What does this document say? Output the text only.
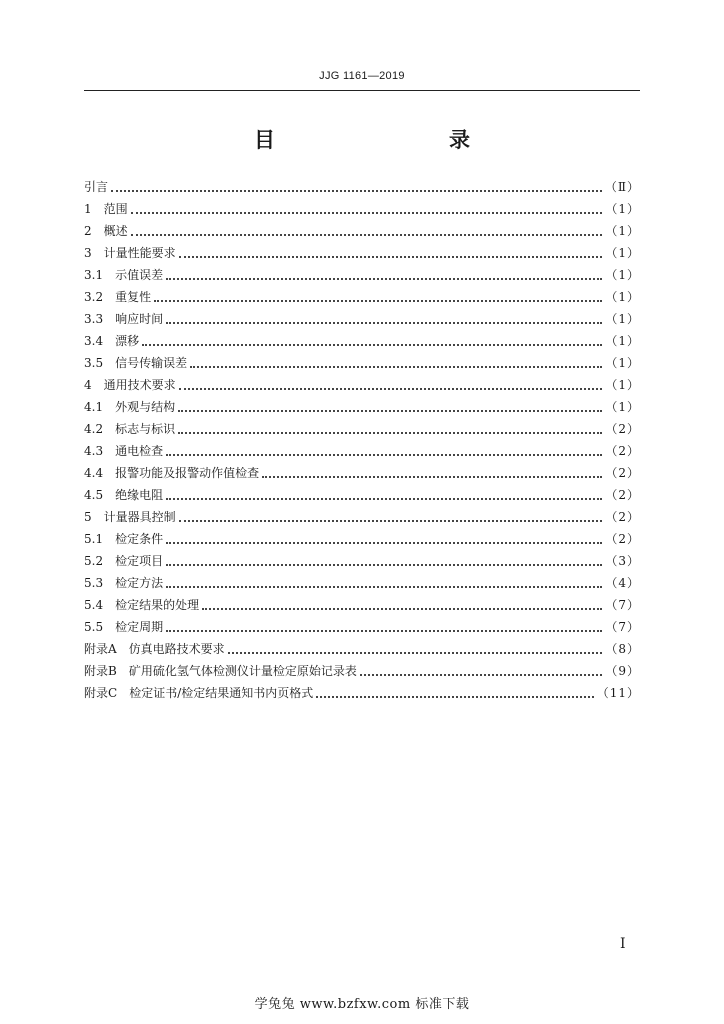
JJG 1161—2019
目　　录
引言	（Ⅱ）
1　 范围	（1）
2　 概述	（1）
3　 计量性能要求	（1）
3.1　 示值误差	（1）
3.2　 重复性	（1）
3.3　 响应时间	（1）
3.4　 漂移	（1）
3.5　 信号传输误差	（1）
4　 通用技术要求	（1）
4.1　 外观与结构	（1）
4.2　 标志与标识	（2）
4.3　 通电检查	（2）
4.4　 报警功能及报警动作值检查	（2）
4.5　 绝缘电阻	（2）
5　 计量器具控制	（2）
5.1　 检定条件	（2）
5.2　 检定项目	（3）
5.3　 检定方法	（4）
5.4　 检定结果的处理	（7）
5.5　 检定周期	（7）
附录A　 仿真电路技术要求	（8）
附录B　 矿用硫化氢气体检测仪计量检定原始记录表	（9）
附录C　 检定证书/检定结果通知书内页格式	（11）
Ⅰ
学兔兔 www.bzfxw.com 标准下载
